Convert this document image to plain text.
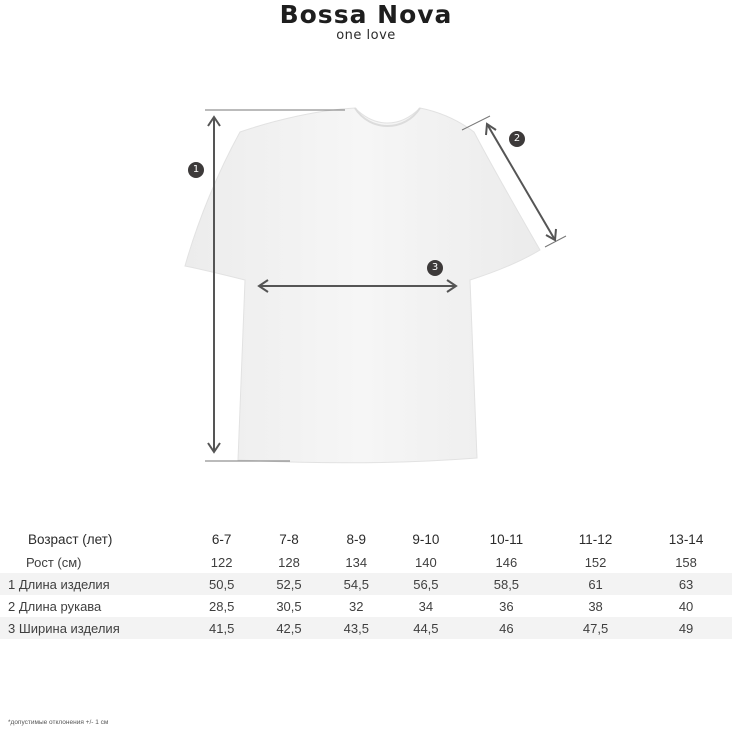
Bossa Nova
one love
1
2
3
Возраст (лет)	6-7	7-8	8-9	9-10	10-11	11-12	13-14
Рост (см)	122	128	134	140	146	152	158
1 Длина изделия	50,5	52,5	54,5	56,5	58,5	61	63
2 Длина рукава	28,5	30,5	32	34	36	38	40
3 Ширина изделия	41,5	42,5	43,5	44,5	46	47,5	49
*допустимые отклонения +/- 1 см
